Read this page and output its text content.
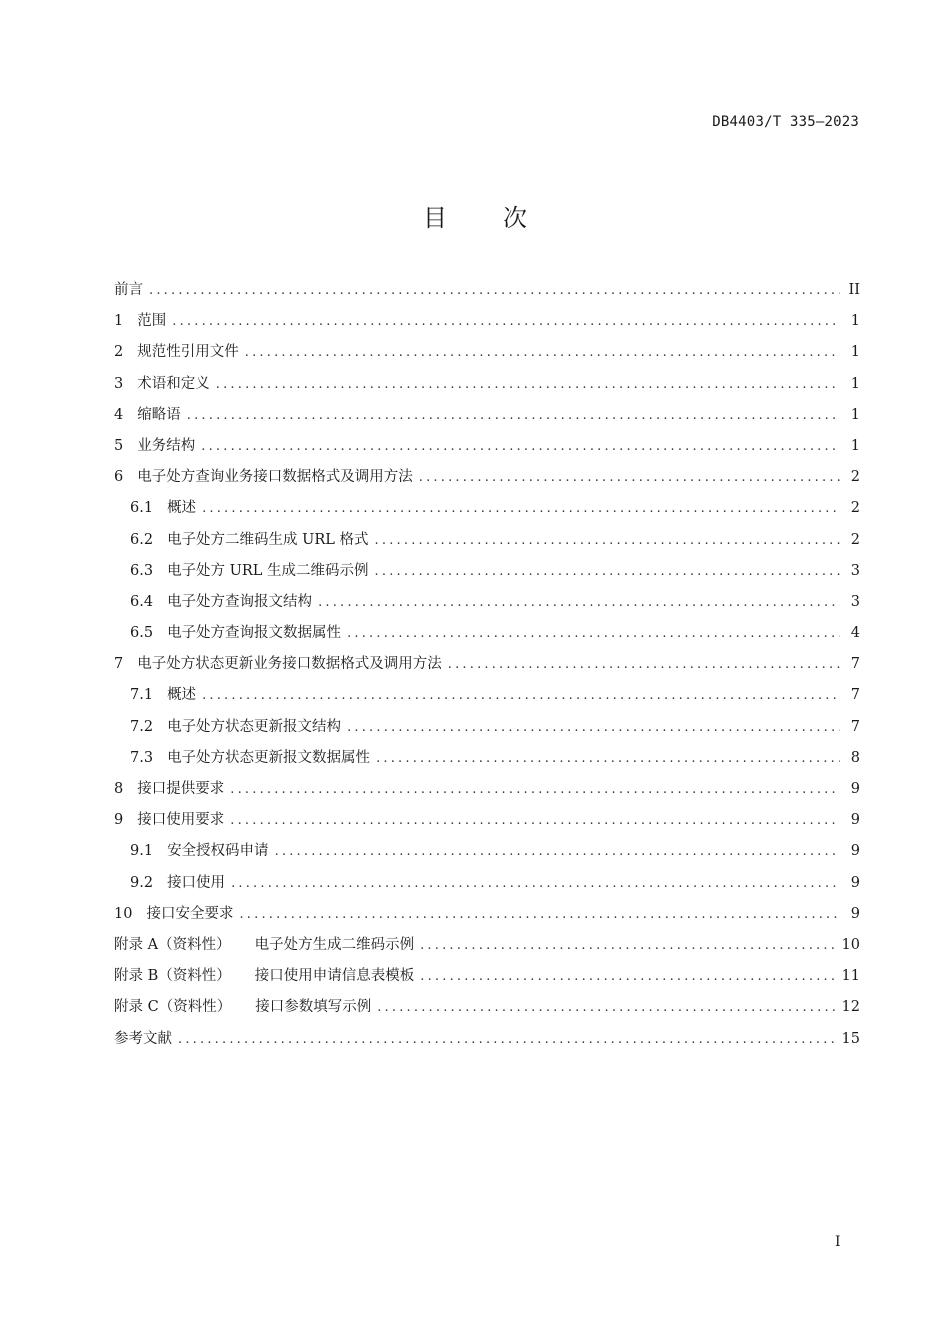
DB4403/T 335—2023
目 次
前言 .....	II
1 范围 .....	1
2 规范性引用文件 .....	1
3 术语和定义 .....	1
4 缩略语 .....	1
5 业务结构 .....	1
6 电子处方查询业务接口数据格式及调用方法 .....	2
6.1 概述 .....	2
6.2 电子处方二维码生成 URL 格式 .....	2
6.3 电子处方 URL 生成二维码示例 .....	3
6.4 电子处方查询报文结构 .....	3
6.5 电子处方查询报文数据属性 .....	4
7 电子处方状态更新业务接口数据格式及调用方法 .....	7
7.1 概述 .....	7
7.2 电子处方状态更新报文结构 .....	7
7.3 电子处方状态更新报文数据属性 .....	8
8 接口提供要求 .....	9
9 接口使用要求 .....	9
9.1 安全授权码申请 .....	9
9.2 接口使用 .....	9
10 接口安全要求 .....	9
附录 A（资料性） 电子处方生成二维码示例 .....	10
附录 B（资料性） 接口使用申请信息表模板 .....	11
附录 C（资料性） 接口参数填写示例 .....	12
参考文献 .....	15
I
